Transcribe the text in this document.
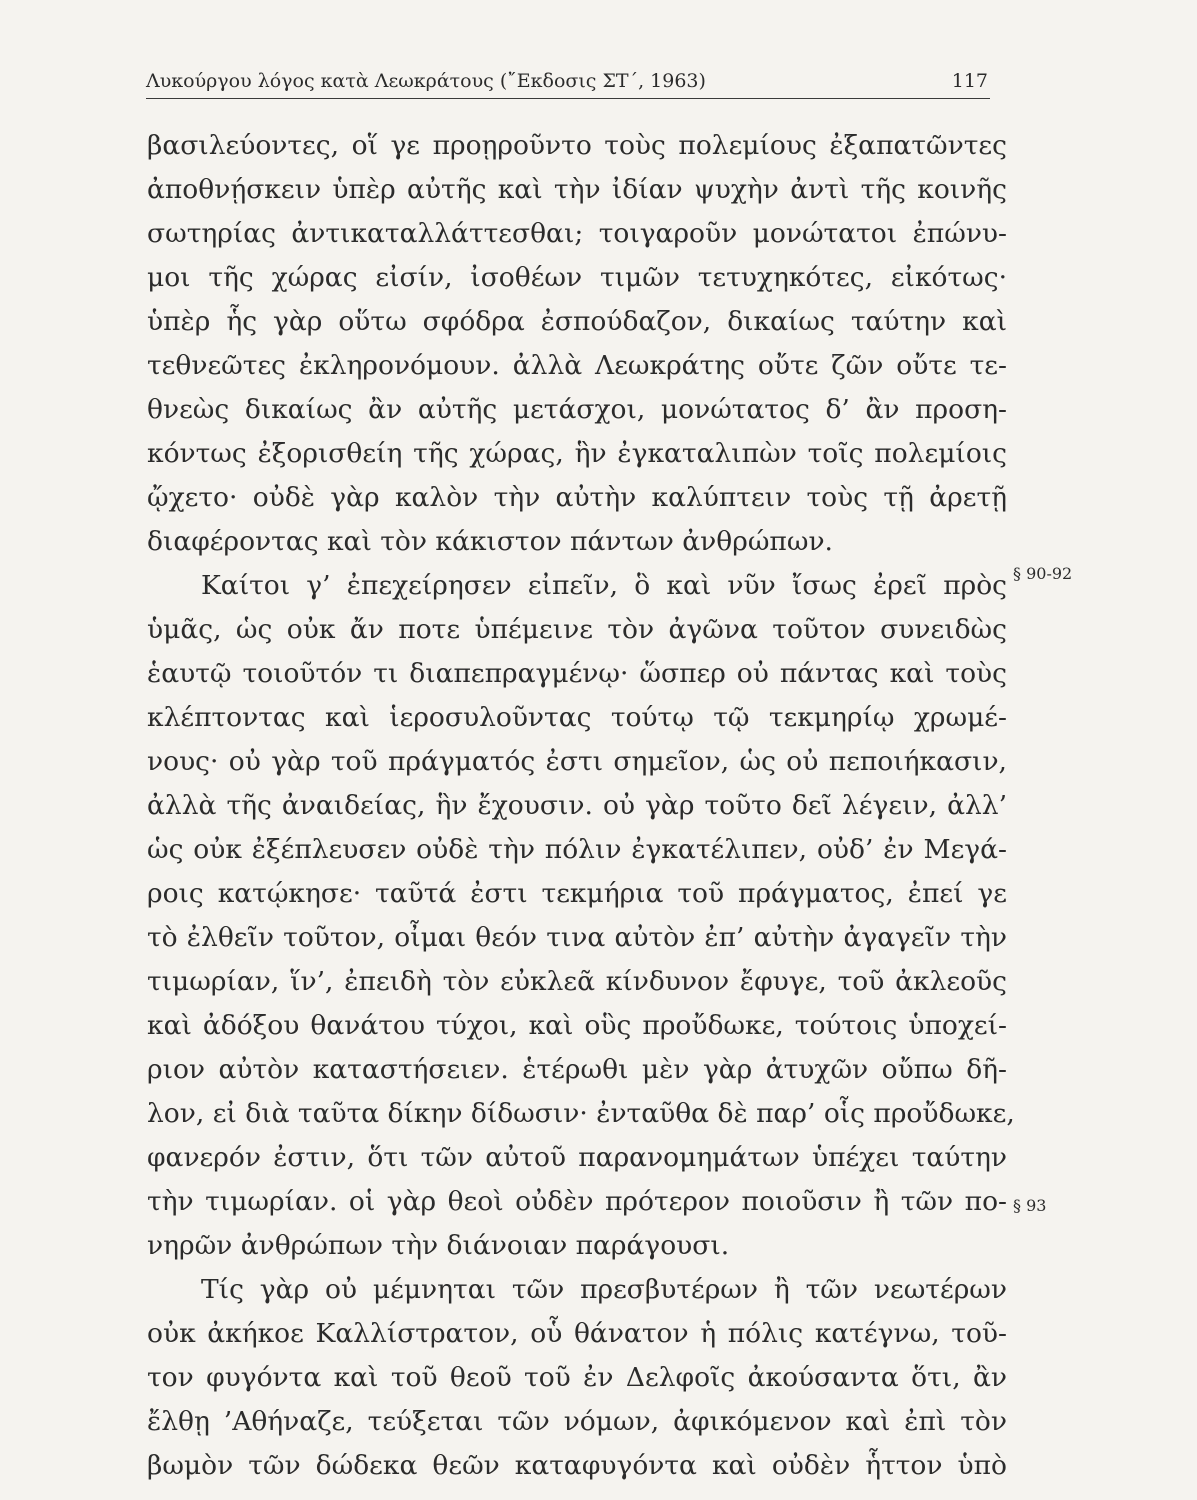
Λυκούργου λόγος κατὰ Λεωκράτους (῎Εκδοσις ΣΤ΄, 1963)	117
βασιλεύοντες, οἵ γε προῃροῦντο τοὺς πολεμίους ἐξαπατῶντες
ἀποθνῄσκειν ὑπὲρ αὐτῆς καὶ τὴν ἰδίαν ψυχὴν ἀντὶ τῆς κοινῆς
σωτηρίας ἀντικαταλλάττεσθαι; τοιγαροῦν μονώτατοι ἐπώνυ-
μοι τῆς χώρας εἰσίν, ἰσοθέων τιμῶν τετυχηκότες, εἰκότως·
ὑπὲρ ἧς γὰρ οὕτω σφόδρα ἐσπούδαζον, δικαίως ταύτην καὶ
τεθνεῶτες ἐκληρονόμουν. ἀλλὰ Λεωκράτης οὔτε ζῶν οὔτε τε-
θνεὼς δικαίως ἂν αὐτῆς μετάσχοι, μονώτατος δ’ ἂν προση-
κόντως ἐξορισθείη τῆς χώρας, ἣν ἐγκαταλιπὼν τοῖς πολεμίοις
ᾤχετο· οὐδὲ γὰρ καλὸν τὴν αὐτὴν καλύπτειν τοὺς τῇ ἀρετῇ
διαφέροντας καὶ τὸν κάκιστον πάντων ἀνθρώπων.
Καίτοι γ’ ἐπεχείρησεν εἰπεῖν, ὃ καὶ νῦν ἴσως ἐρεῖ πρὸς
ὑμᾶς, ὡς οὐκ ἄν ποτε ὑπέμεινε τὸν ἀγῶνα τοῦτον συνειδὼς
ἑαυτῷ τοιοῦτόν τι διαπεπραγμένῳ· ὥσπερ οὐ πάντας καὶ τοὺς
κλέπτοντας καὶ ἱεροσυλοῦντας τούτῳ τῷ τεκμηρίῳ χρωμέ-
νους· οὐ γὰρ τοῦ πράγματός ἐστι σημεῖον, ὡς οὐ πεποιήκασιν,
ἀλλὰ τῆς ἀναιδείας, ἣν ἔχουσιν. οὐ γὰρ τοῦτο δεῖ λέγειν, ἀλλ’
ὡς οὐκ ἐξέπλευσεν οὐδὲ τὴν πόλιν ἐγκατέλιπεν, οὐδ’ ἐν Μεγά-
ροις κατῴκησε· ταῦτά ἐστι τεκμήρια τοῦ πράγματος, ἐπεί γε
τὸ ἐλθεῖν τοῦτον, οἶμαι θεόν τινα αὐτὸν ἐπ’ αὐτὴν ἀγαγεῖν τὴν
τιμωρίαν, ἵν’, ἐπειδὴ τὸν εὐκλεᾶ κίνδυνον ἔφυγε, τοῦ ἀκλεοῦς
καὶ ἀδόξου θανάτου τύχοι, καὶ οὓς προὔδωκε, τούτοις ὑποχεί-
ριον αὐτὸν καταστήσειεν. ἑτέρωθι μὲν γὰρ ἀτυχῶν οὔπω δῆ-
λον, εἰ διὰ ταῦτα δίκην δίδωσιν· ἐνταῦθα δὲ παρ’ οἷς προὔδωκε,
φανερόν ἐστιν, ὅτι τῶν αὐτοῦ παρανομημάτων ὑπέχει ταύτην
τὴν τιμωρίαν. οἱ γὰρ θεοὶ οὐδὲν πρότερον ποιοῦσιν ἢ τῶν πο-
νηρῶν ἀνθρώπων τὴν διάνοιαν παράγουσι.
Τίς γὰρ οὐ μέμνηται τῶν πρεσβυτέρων ἢ τῶν νεωτέρων
οὐκ ἀκήκοε Καλλίστρατον, οὗ θάνατον ἡ πόλις κατέγνω, τοῦ-
τον φυγόντα καὶ τοῦ θεοῦ τοῦ ἐν Δελφοῖς ἀκούσαντα ὅτι, ἂν
ἔλθῃ ’Αθήναζε, τεύξεται τῶν νόμων, ἀφικόμενον καὶ ἐπὶ τὸν
βωμὸν τῶν δώδεκα θεῶν καταφυγόντα καὶ οὐδὲν ἧττον ὑπὸ
§ 90-92
§ 93
